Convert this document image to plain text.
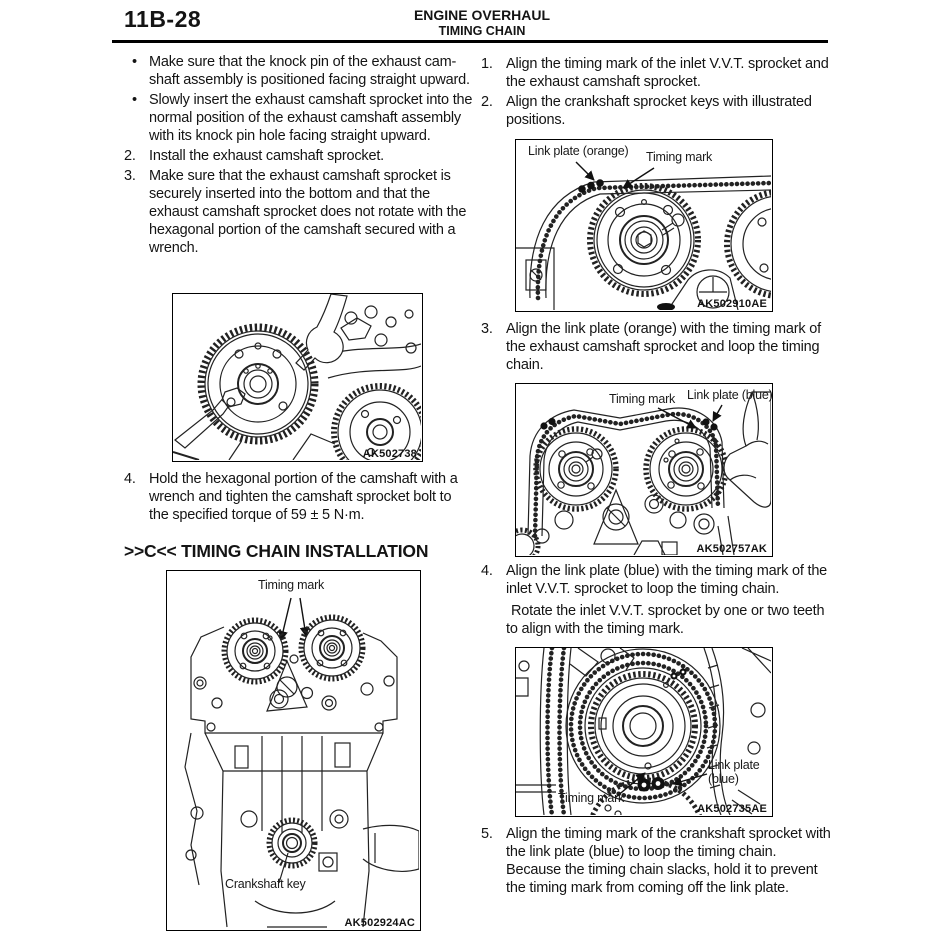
11B-28	ENGINE OVERHAUL
TIMING CHAIN
• Make sure that the knock pin of the exhaust cam-shaft assembly is positioned facing straight upward.
• Slowly insert the exhaust camshaft sprocket into the normal position of the exhaust camshaft assembly with its knock pin hole facing straight upward.
2. Install the exhaust camshaft sprocket.
3. Make sure that the exhaust camshaft sprocket is securely inserted into the bottom and that the exhaust camshaft sprocket does not rotate with the hexagonal portion of the camshaft secured with a wrench.
AK502738
4. Hold the hexagonal portion of the camshaft with a wrench and tighten the camshaft sprocket bolt to the specified torque of 59 ± 5 N·m.
>>C<< TIMING CHAIN INSTALLATION
Timing mark
Crankshaft key
AK502924AC
1. Align the timing mark of the inlet V.V.T. sprocket and the exhaust camshaft sprocket.
2. Align the crankshaft sprocket keys with illustrated positions.
Link plate (orange) Timing mark
AK502910AE
3. Align the link plate (orange) with the timing mark of the exhaust camshaft sprocket and loop the timing chain.
Timing mark Link plate (blue)
AK502757AK
4. Align the link plate (blue) with the timing mark of the inlet V.V.T. sprocket to loop the timing chain.
Rotate the inlet V.V.T. sprocket by one or two teeth to align with the timing mark.
Link plate
(blue)
Timing mark
AK502735AE
5. Align the timing mark of the crankshaft sprocket with the link plate (blue) to loop the timing chain. Because the timing chain slacks, hold it to prevent the timing mark from coming off the link plate.
